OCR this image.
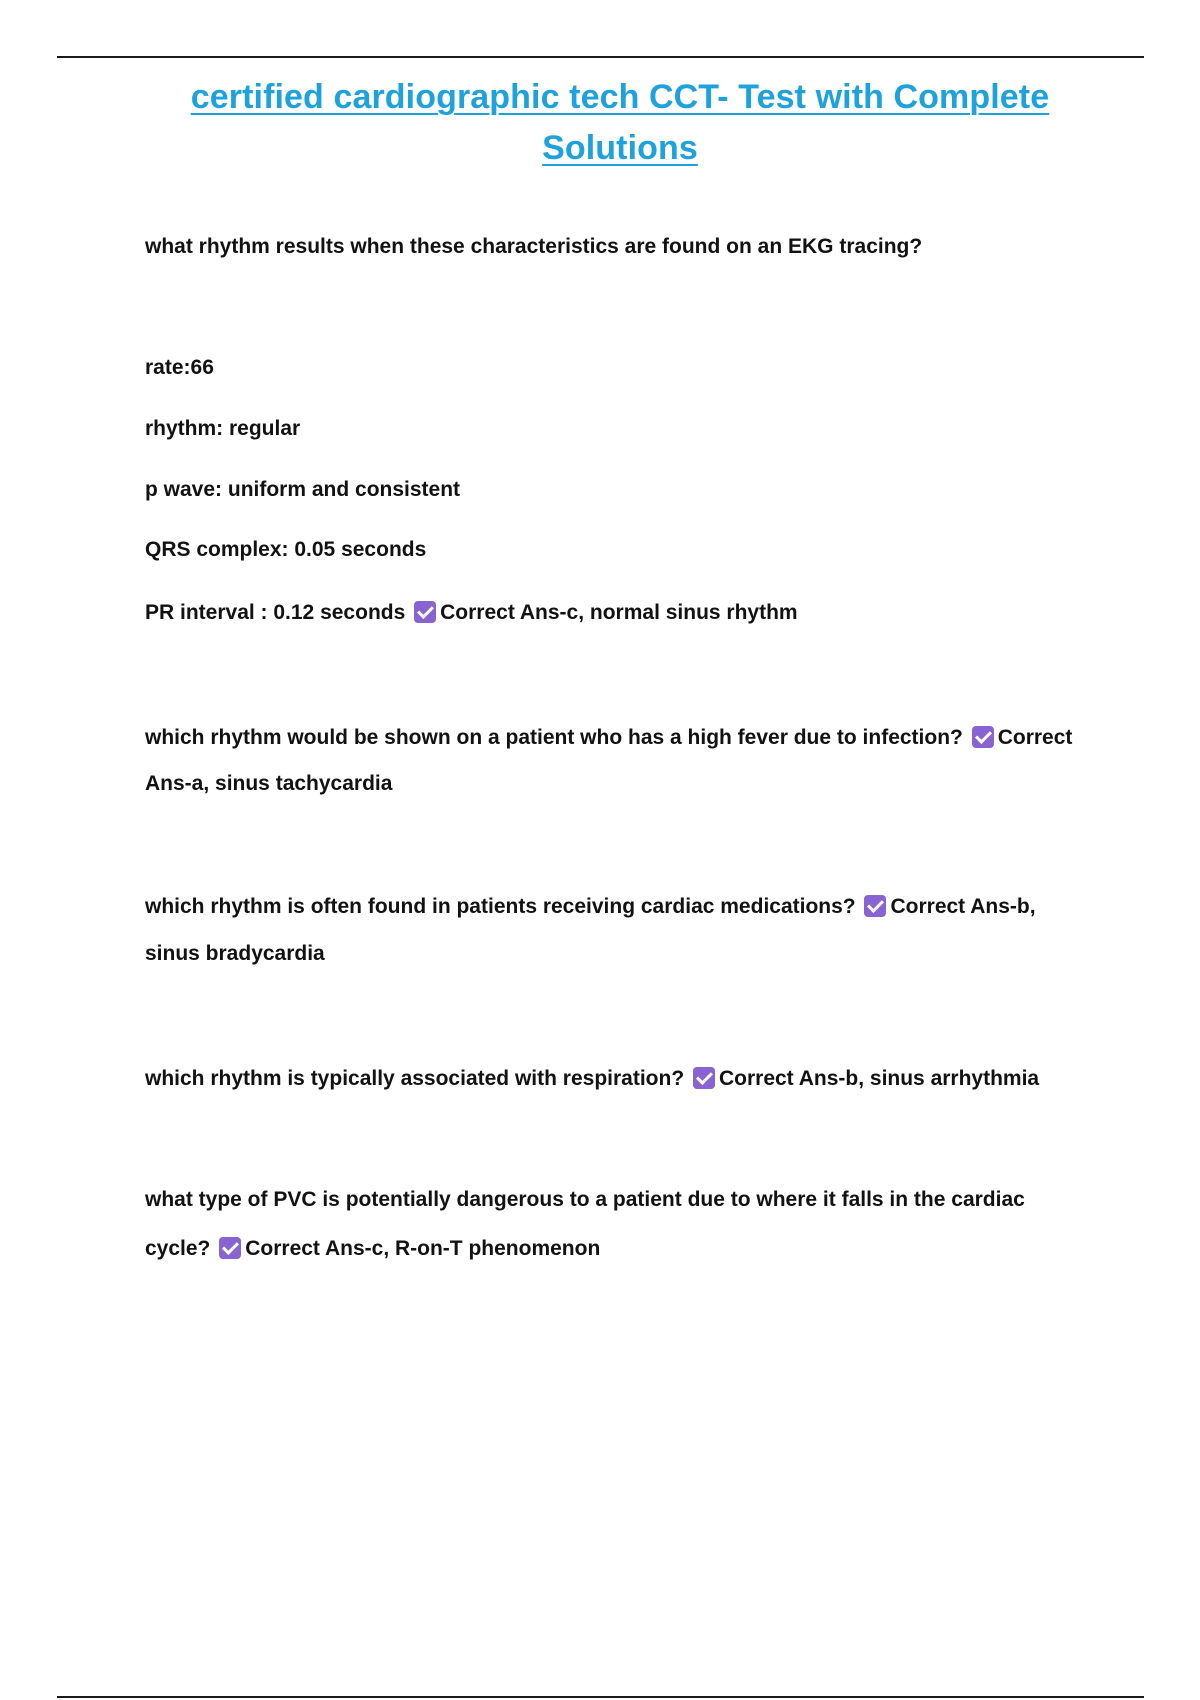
certified cardiographic tech CCT- Test with Complete Solutions
what rhythm results when these characteristics are found on an EKG tracing?
rate:66
rhythm: regular
p wave: uniform and consistent
QRS complex: 0.05 seconds
PR interval : 0.12 seconds Correct Ans-c, normal sinus rhythm
which rhythm would be shown on a patient who has a high fever due to infection? Correct
Ans-a, sinus tachycardia
which rhythm is often found in patients receiving cardiac medications? Correct Ans-b,
sinus bradycardia
which rhythm is typically associated with respiration? Correct Ans-b, sinus arrhythmia
what type of PVC is potentially dangerous to a patient due to where it falls in the cardiac
cycle? Correct Ans-c, R-on-T phenomenon
